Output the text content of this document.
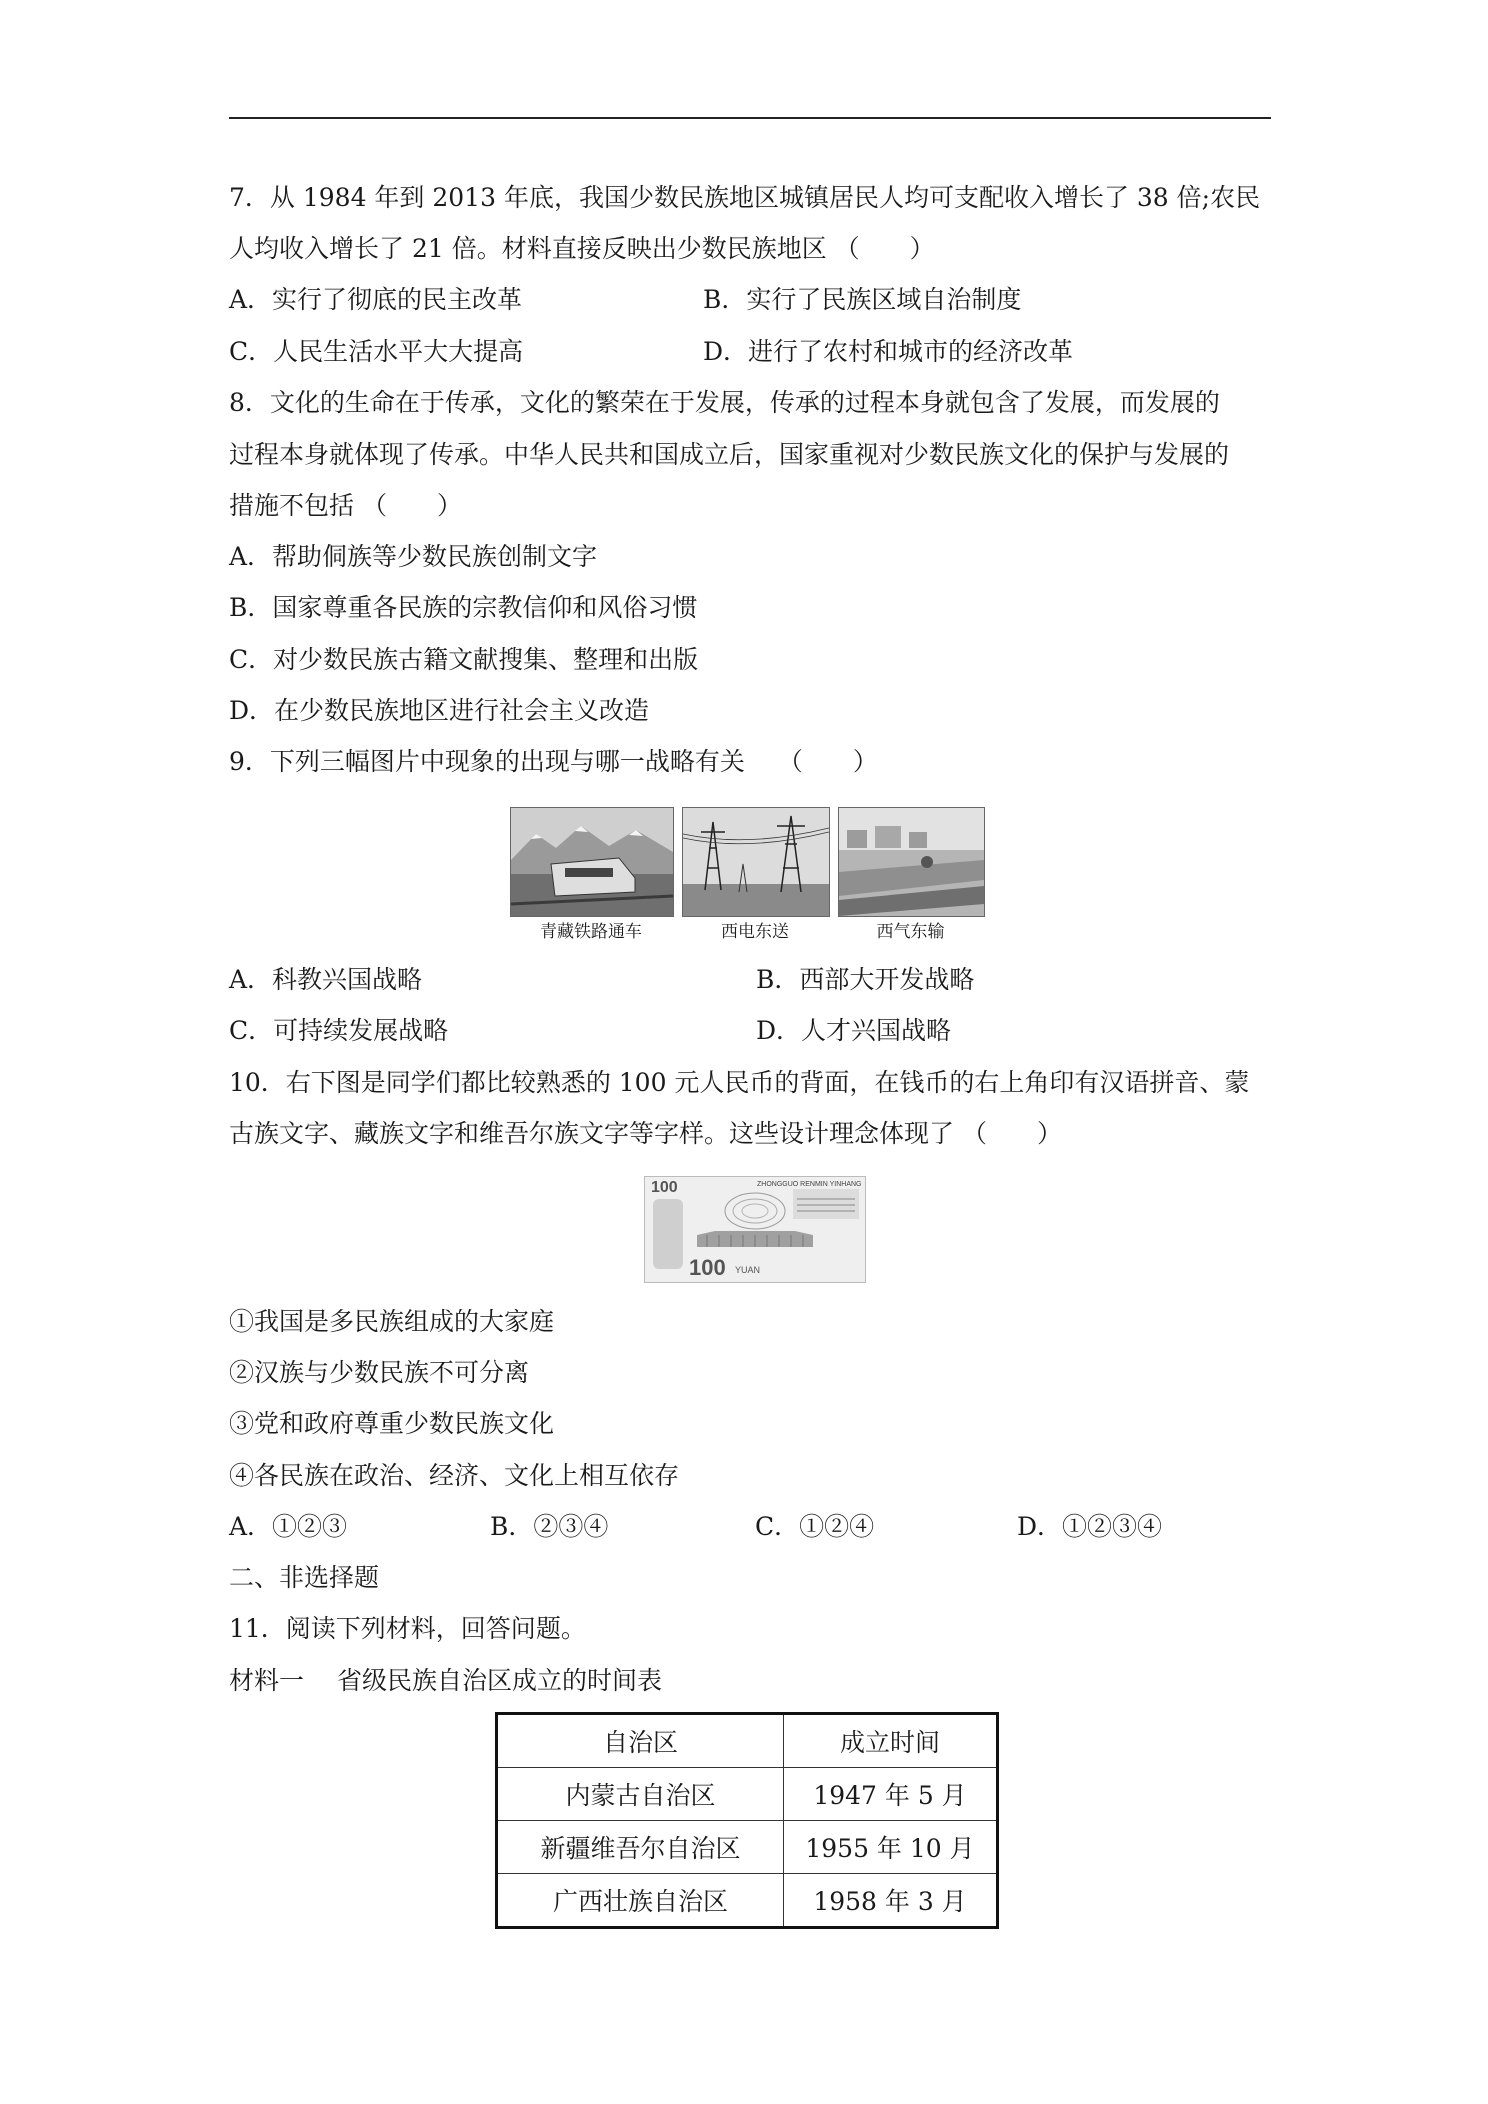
7．从 1984 年到 2013 年底，我国少数民族地区城镇居民人均可支配收入增长了 38 倍;农民
人均收入增长了 21 倍。材料直接反映出少数民族地区 （　　）
A．实行了彻底的民主改革	B．实行了民族区域自治制度
C．人民生活水平大大提高	D．进行了农村和城市的经济改革
8．文化的生命在于传承，文化的繁荣在于发展，传承的过程本身就包含了发展，而发展的
过程本身就体现了传承。中华人民共和国成立后，国家重视对少数民族文化的保护与发展的
措施不包括 （　　）
A．帮助侗族等少数民族创制文字
B．国家尊重各民族的宗教信仰和风俗习惯
C．对少数民族古籍文献搜集、整理和出版
D．在少数民族地区进行社会主义改造
9．下列三幅图片中现象的出现与哪一战略有关　 （　　）
青藏铁路通车	西电东送	西气东输
A．科教兴国战略	B．西部大开发战略
C．可持续发展战略	D．人才兴国战略
10．右下图是同学们都比较熟悉的 100 元人民币的背面，在钱币的右上角印有汉语拼音、蒙
古族文字、藏族文字和维吾尔族文字等字样。这些设计理念体现了 （　　）
100	ZHONGGUO RENMIN YINHANG
100 YUAN
①我国是多民族组成的大家庭
②汉族与少数民族不可分离
③党和政府尊重少数民族文化
④各民族在政治、经济、文化上相互依存
A．①②③	B．②③④	C．①②④	D．①②③④
二、非选择题
11．阅读下列材料，回答问题。
材料一　 省级民族自治区成立的时间表
自治区	成立时间
内蒙古自治区	1947 年 5 月
新疆维吾尔自治区	1955 年 10 月
广西壮族自治区	1958 年 3 月
